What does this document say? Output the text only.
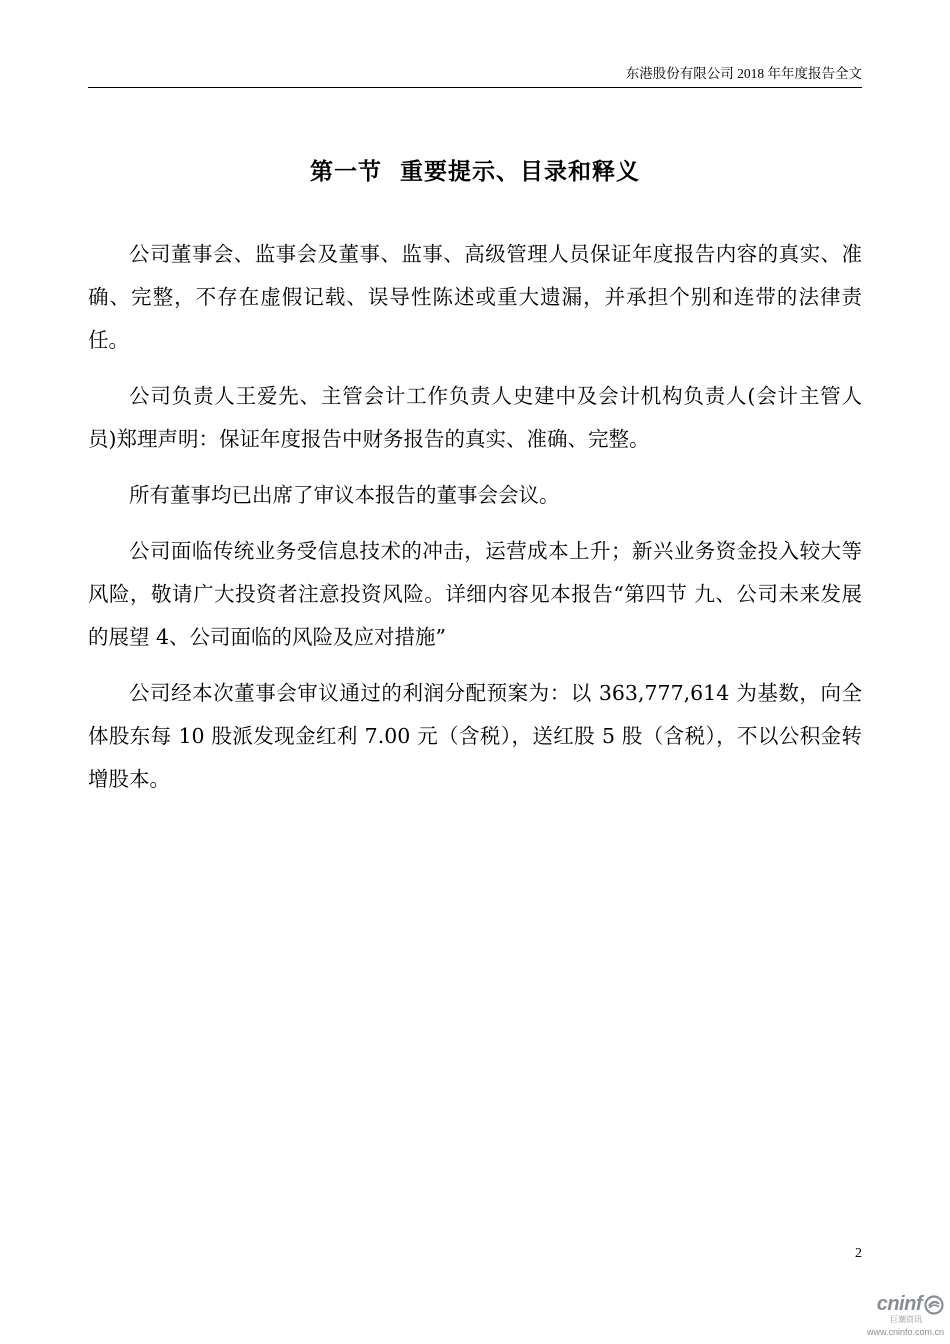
东港股份有限公司 2018 年年度报告全文
第一节  重要提示、目录和释义

公司董事会、监事会及董事、监事、高级管理人员保证年度报告内容的真实、准确、完整，不存在虚假记载、误导性陈述或重大遗漏，并承担个别和连带的法律责任。

公司负责人王爱先、主管会计工作负责人史建中及会计机构负责人(会计主管人员)郑理声明：保证年度报告中财务报告的真实、准确、完整。

所有董事均已出席了审议本报告的董事会会议。

公司面临传统业务受信息技术的冲击，运营成本上升；新兴业务资金投入较大等风险，敬请广大投资者注意投资风险。详细内容见本报告“第四节 九、公司未来发展的展望 4、公司面临的风险及应对措施”

公司经本次董事会审议通过的利润分配预案为：以 363,777,614 为基数，向全体股东每 10 股派发现金红利 7.00 元（含税），送红股 5 股（含税），不以公积金转增股本。

2
cninf
巨潮资讯
www.cninfo.com.cn
